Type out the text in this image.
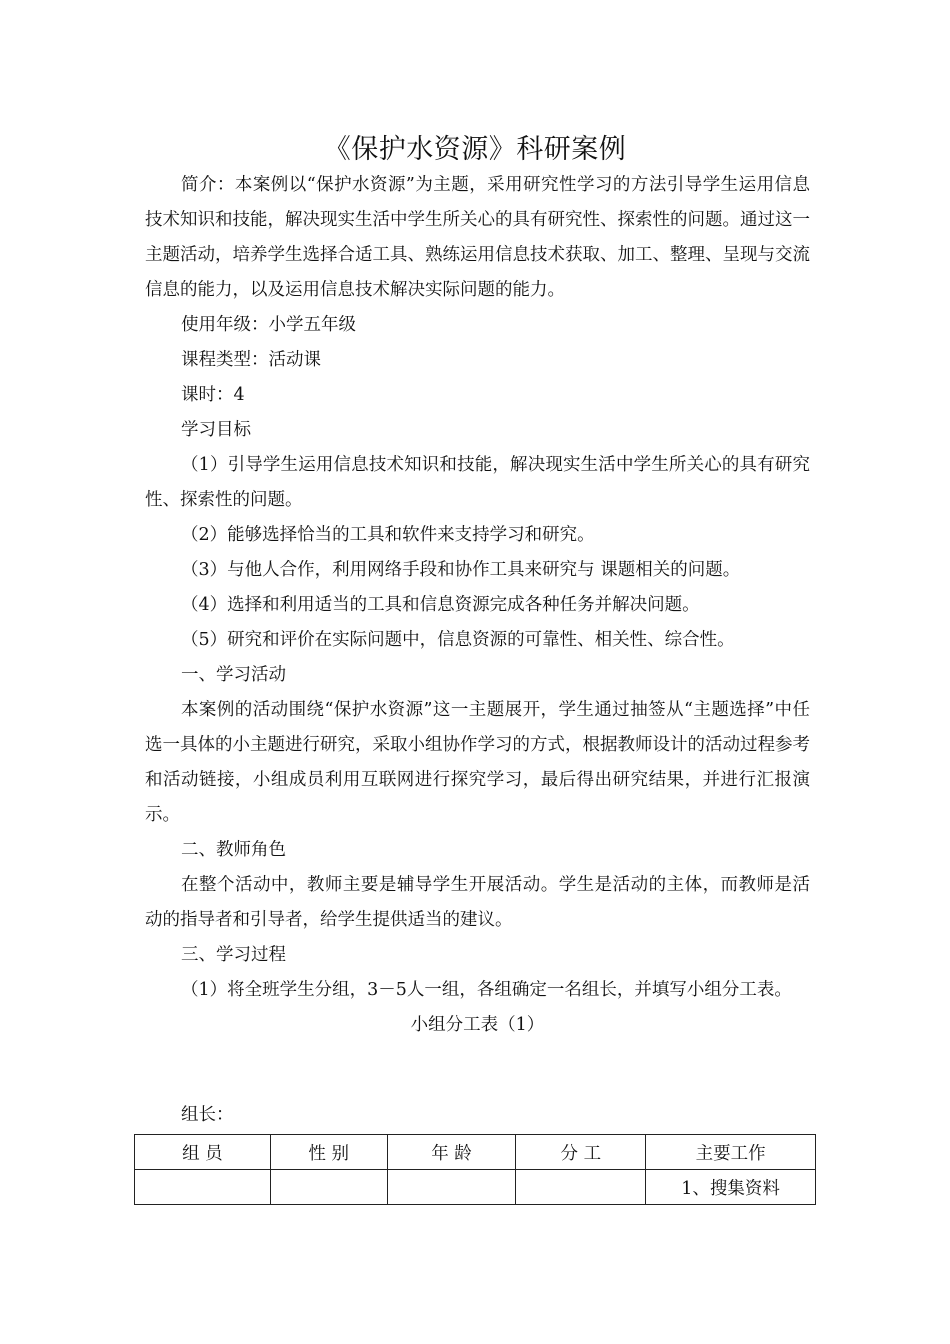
《保护水资源》科研案例

简介：本案例以“保护水资源”为主题，采用研究性学习的方法引导学生运用信息技术知识和技能，解决现实生活中学生所关心的具有研究性、探索性的问题。通过这一主题活动，培养学生选择合适工具、熟练运用信息技术获取、加工、整理、呈现与交流信息的能力，以及运用信息技术解决实际问题的能力。

使用年级：小学五年级

课程类型：活动课

课时：4

学习目标

（1）引导学生运用信息技术知识和技能，解决现实生活中学生所关心的具有研究性、探索性的问题。

（2）能够选择恰当的工具和软件来支持学习和研究。

（3）与他人合作，利用网络手段和协作工具来研究与 课题相关的问题。

（4）选择和利用适当的工具和信息资源完成各种任务并解决问题。

（5）研究和评价在实际问题中，信息资源的可靠性、相关性、综合性。

一、学习活动

本案例的活动围绕“保护水资源”这一主题展开，学生通过抽签从“主题选择”中任选一具体的小主题进行研究，采取小组协作学习的方式，根据教师设计的活动过程参考和活动链接，小组成员利用互联网进行探究学习，最后得出研究结果，并进行汇报演示。

二、教师角色

在整个活动中，教师主要是辅导学生开展活动。学生是活动的主体，而教师是活动的指导者和引导者，给学生提供适当的建议。

三、学习过程

（1）将全班学生分组，3－5人一组，各组确定一名组长，并填写小组分工表。

小组分工表（1）

组长：
组 员	性 别	年 龄	分 工	主要工作
				1、搜集资料
